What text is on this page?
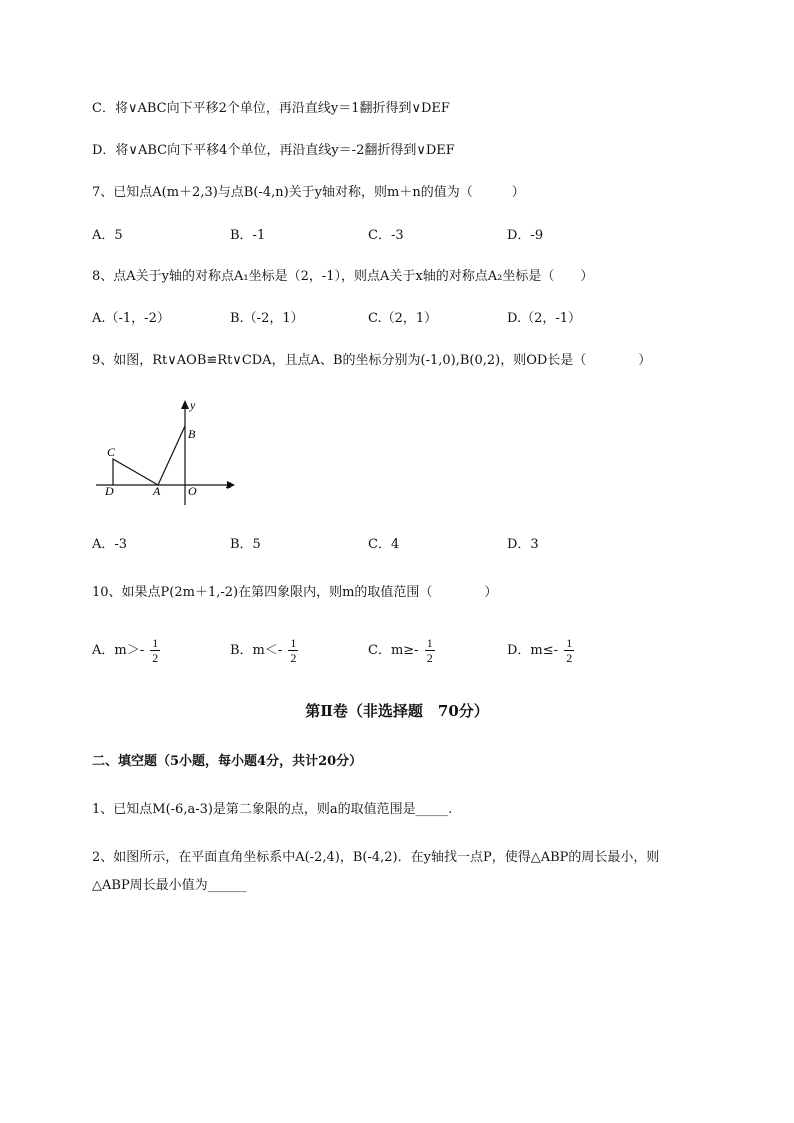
C．将∨ABC向下平移2个单位，再沿直线y＝1翻折得到∨DEF
D．将∨ABC向下平移4个单位，再沿直线y＝-2翻折得到∨DEF
7、已知点A(m＋2,3)与点B(-4,n)关于y轴对称，则m＋n的值为（　　　）
A．5	B．-1	C．-3	D．-9
8、点A关于y轴的对称点A₁坐标是（2，-1），则点A关于x轴的对称点A₂坐标是（　　）
A.（-1，-2）	B.（-2，1）	C.（2，1）	D.（2，-1）
9、如图，Rt∨AOB≌Rt∨CDA，且点A、B的坐标分别为(-1,0),B(0,2)，则OD长是（　　　　）
y
x
B
C
D	A O
A．-3	B．5	C．4	D．3
10、如果点P(2m＋1,-2)在第四象限内，则m的取值范围（　　　　）
A．$m>- \frac{1}{2}$	B．$m<- \frac{1}{2}$	C．$m\ge- \frac{1}{2}$	D．$m\le- \frac{1}{2}$
第Ⅱ卷（非选择题　70分）
二、填空题（5小题，每小题4分，共计20分）
1、已知点M(-6,a-3)是第二象限的点，则a的取值范围是_____.
2、如图所示，在平面直角坐标系中A(-2,4)，B(-4,2)．在y轴找一点P，使得△ABP的周长最小，则
△ABP周长最小值为______
